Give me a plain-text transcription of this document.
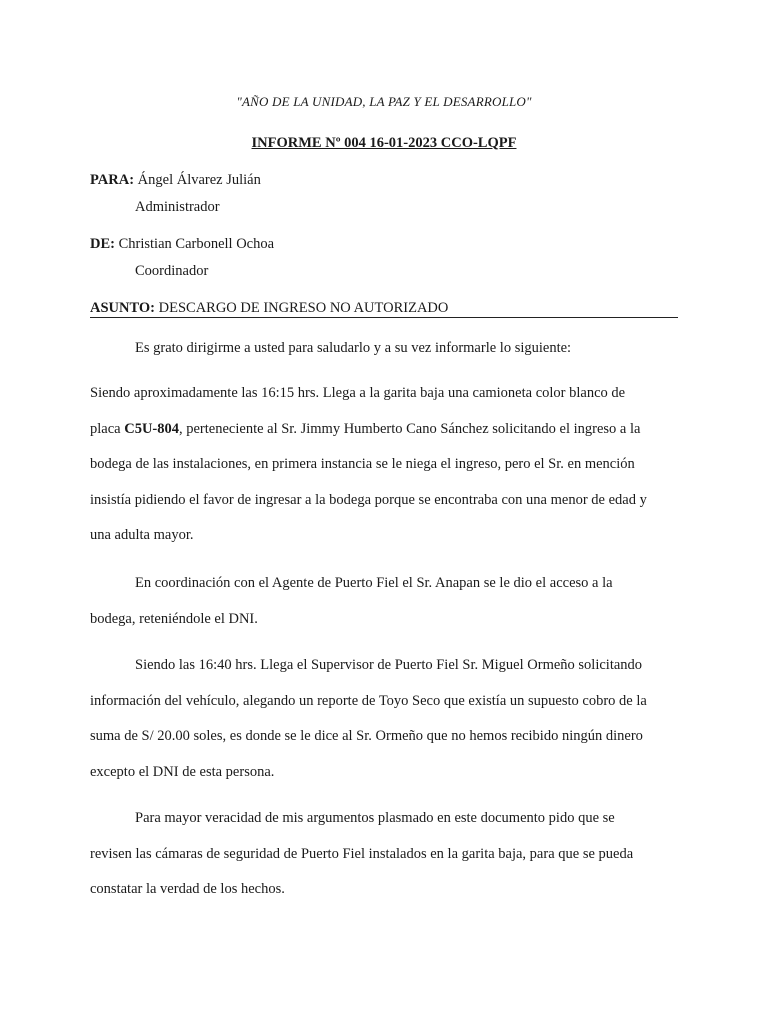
"AÑO DE LA UNIDAD, LA PAZ Y EL DESARROLLO"
INFORME Nº 004 16-01-2023 CCO-LQPF
PARA: Ángel Álvarez Julián
Administrador
DE: Christian Carbonell Ochoa
Coordinador
ASUNTO: DESCARGO DE INGRESO NO AUTORIZADO
Es grato dirigirme a usted para saludarlo y a su vez informarle lo siguiente:
Siendo aproximadamente las 16:15 hrs. Llega a la garita baja una camioneta color blanco de
placa C5U-804, perteneciente al Sr. Jimmy Humberto Cano Sánchez solicitando el ingreso a la
bodega de las instalaciones, en primera instancia se le niega el ingreso, pero el Sr. en mención
insistía pidiendo el favor de ingresar a la bodega porque se encontraba con una menor de edad y
una adulta mayor.
En coordinación con el Agente de Puerto Fiel el Sr. Anapan se le dio el acceso a la
bodega, reteniéndole el DNI.
Siendo las 16:40 hrs. Llega el Supervisor de Puerto Fiel Sr. Miguel Ormeño solicitando
información del vehículo, alegando un reporte de Toyo Seco que existía un supuesto cobro de la
suma de S/ 20.00 soles, es donde se le dice al Sr. Ormeño que no hemos recibido ningún dinero
excepto el DNI de esta persona.
Para mayor veracidad de mis argumentos plasmado en este documento pido que se
revisen las cámaras de seguridad de Puerto Fiel instalados en la garita baja, para que se pueda
constatar la verdad de los hechos.
